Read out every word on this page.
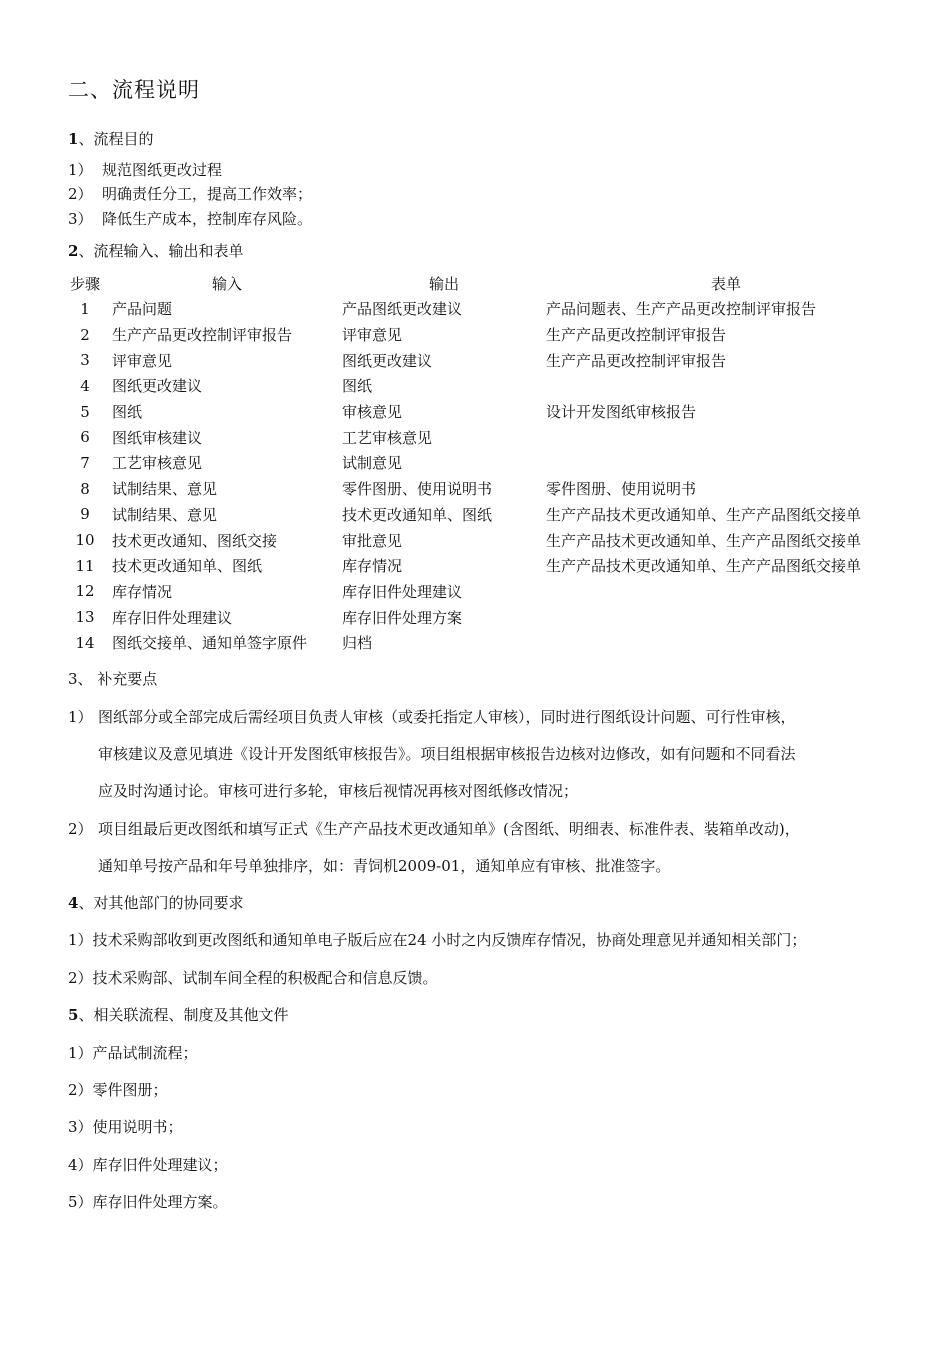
二、流程说明
1、流程目的
1） 规范图纸更改过程
2） 明确责任分工，提高工作效率；
3） 降低生产成本，控制库存风险。
2、流程输入、输出和表单
步骤	输入	输出	表单
1	产品问题	产品图纸更改建议	产品问题表、生产产品更改控制评审报告
2	生产产品更改控制评审报告	评审意见	生产产品更改控制评审报告
3	评审意见	图纸更改建议	生产产品更改控制评审报告
4	图纸更改建议	图纸	
5	图纸	审核意见	设计开发图纸审核报告
6	图纸审核建议	工艺审核意见	
7	工艺审核意见	试制意见	
8	试制结果、意见	零件图册、使用说明书	零件图册、使用说明书
9	试制结果、意见	技术更改通知单、图纸	生产产品技术更改通知单、生产产品图纸交接单
10	技术更改通知、图纸交接	审批意见	生产产品技术更改通知单、生产产品图纸交接单
11	技术更改通知单、图纸	库存情况	生产产品技术更改通知单、生产产品图纸交接单
12	库存情况	库存旧件处理建议	
13	库存旧件处理建议	库存旧件处理方案	
14	图纸交接单、通知单签字原件	归档	
3、 补充要点
1） 图纸部分或全部完成后需经项目负责人审核（或委托指定人审核），同时进行图纸设计问题、可行性审核，
审核建议及意见填进《设计开发图纸审核报告》。项目组根据审核报告边核对边修改，如有问题和不同看法
应及时沟通讨论。审核可进行多轮，审核后视情况再核对图纸修改情况；
2） 项目组最后更改图纸和填写正式《生产产品技术更改通知单》(含图纸、明细表、标准件表、装箱单改动)，
通知单号按产品和年号单独排序，如：青饲机2009-01，通知单应有审核、批准签字。
4、对其他部门的协同要求
1）技术采购部收到更改图纸和通知单电子版后应在24 小时之内反馈库存情况，协商处理意见并通知相关部门；
2）技术采购部、试制车间全程的积极配合和信息反馈。
5、相关联流程、制度及其他文件
1）产品试制流程；
2）零件图册；
3）使用说明书；
4）库存旧件处理建议；
5）库存旧件处理方案。
